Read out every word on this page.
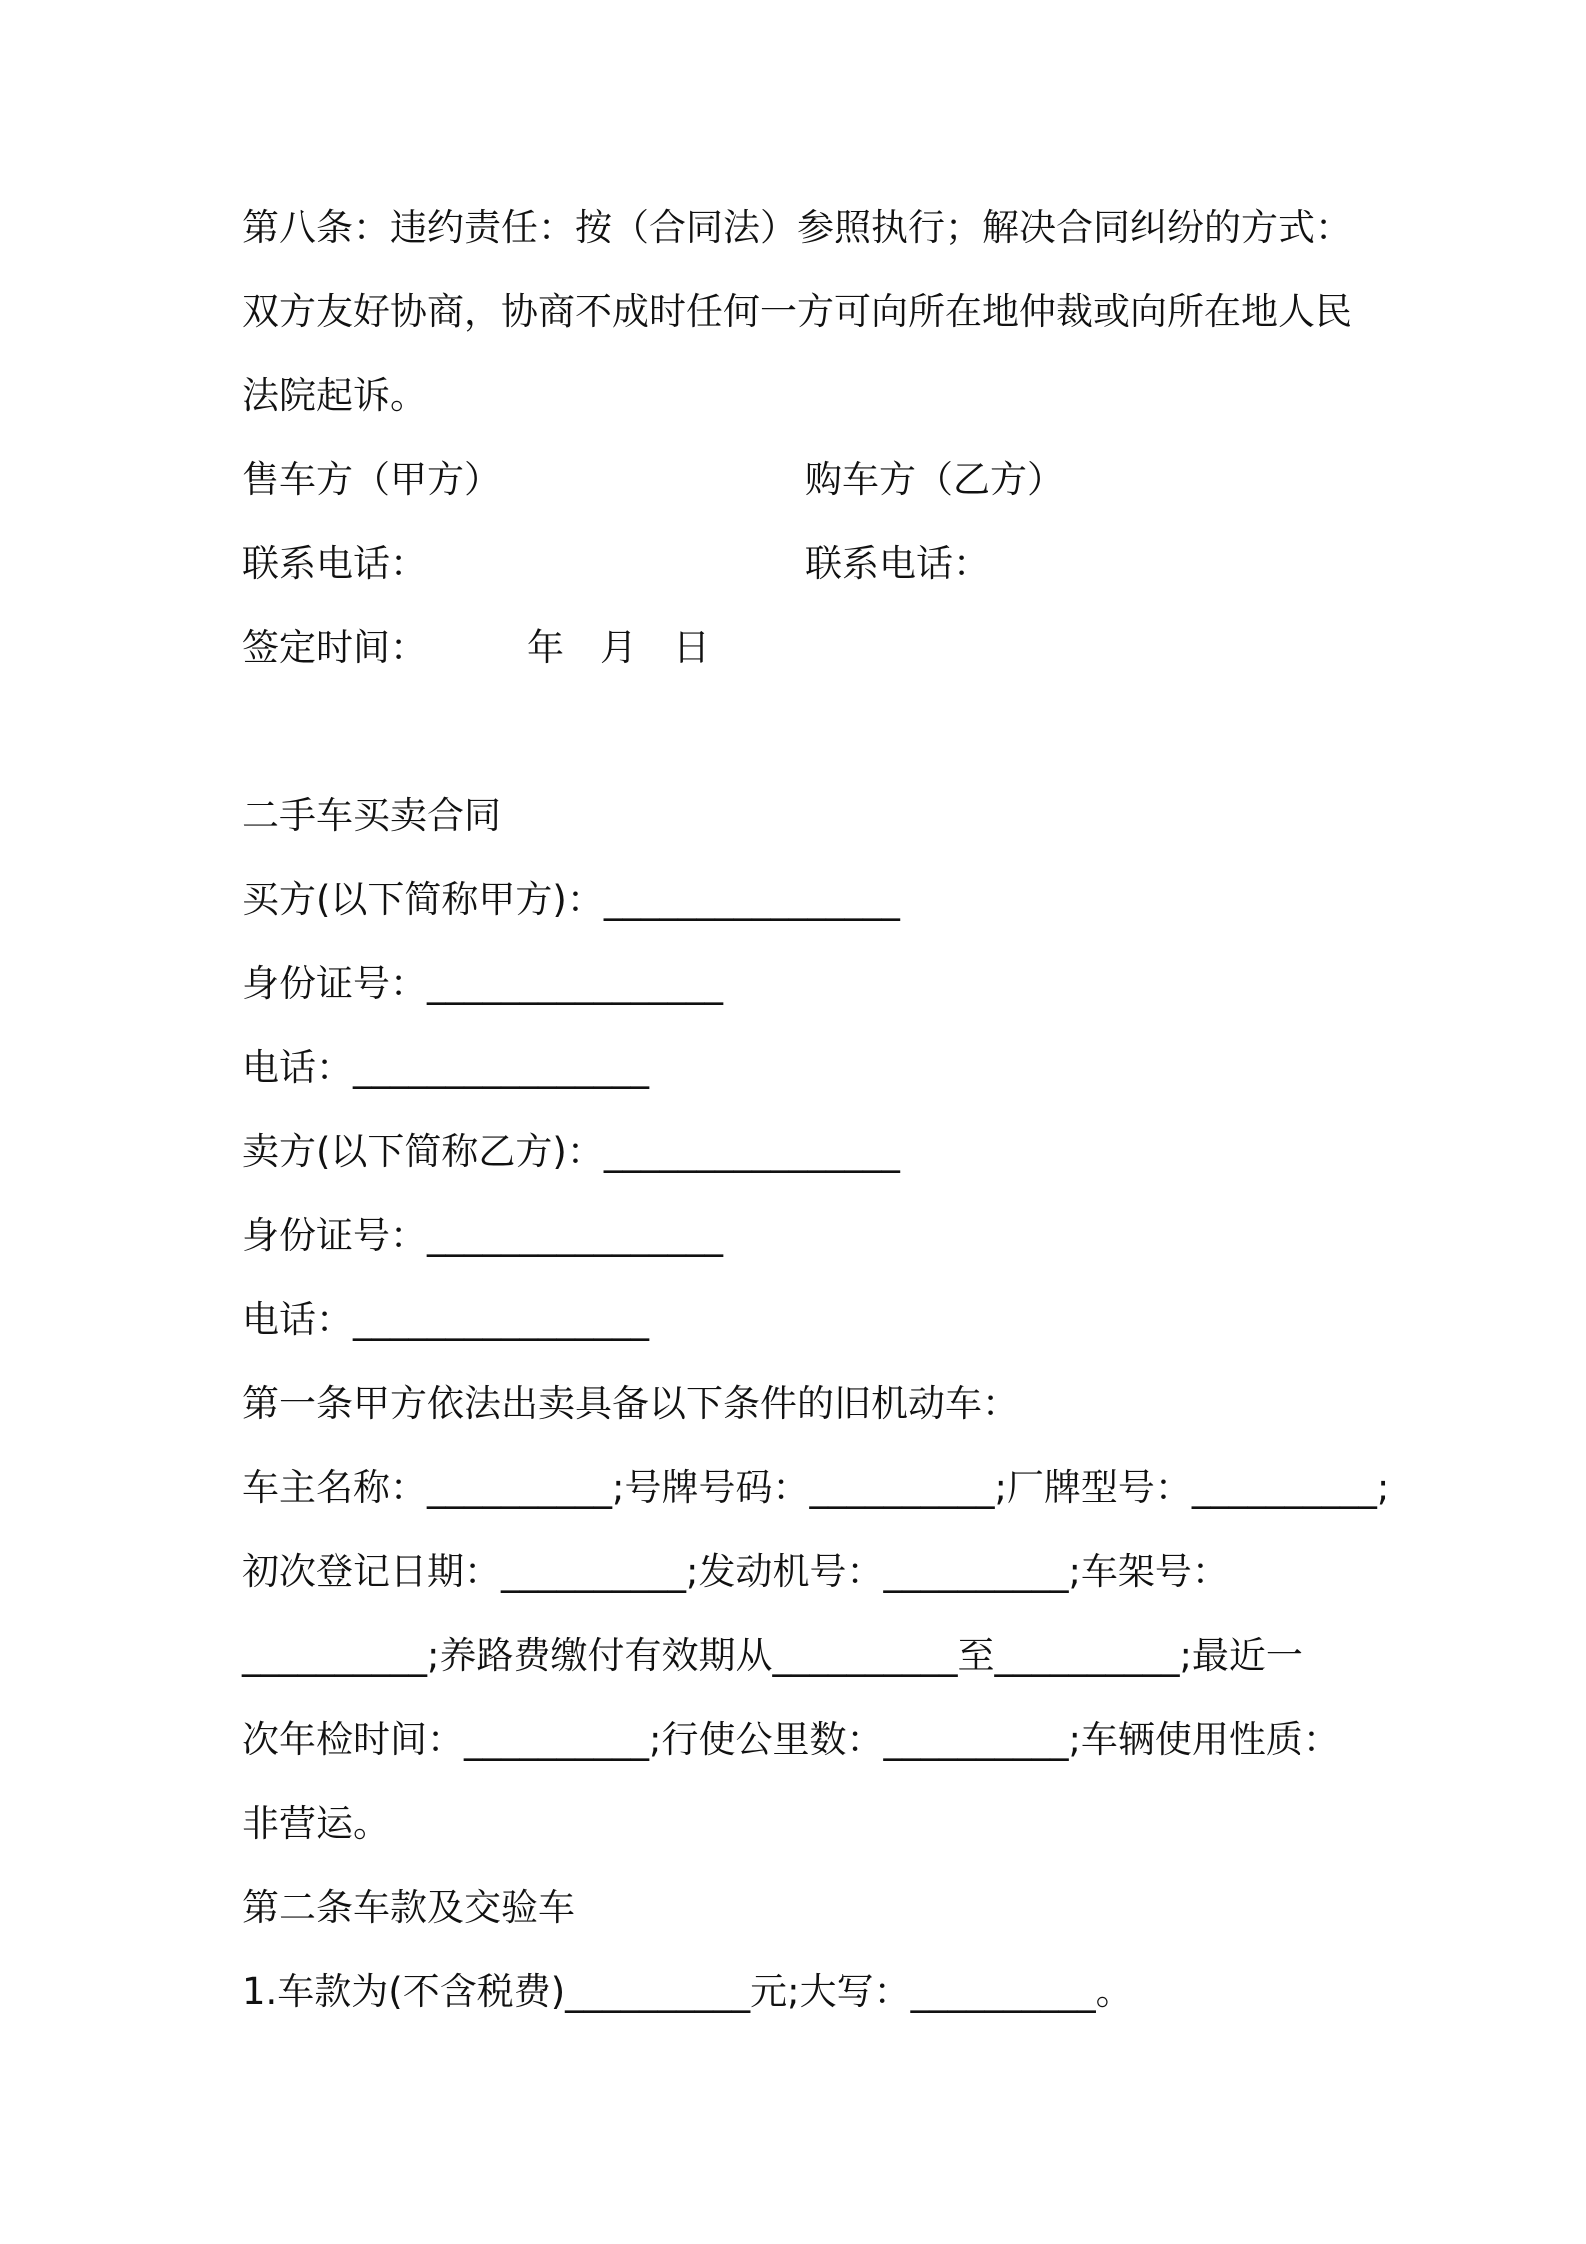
第八条：违约责任：按（合同法）参照执行；解决合同纠纷的方式：
双方友好协商，协商不成时任何一方可向所在地仲裁或向所在地人民
法院起诉。
售车方（甲方）	购车方（乙方）
联系电话：	联系电话：
签定时间：	年 月 日
二手车买卖合同
买方(以下简称甲方)：________________
身份证号：________________
电话：________________
卖方(以下简称乙方)：________________
身份证号：________________
电话：________________
第一条甲方依法出卖具备以下条件的旧机动车：
车主名称：__________;号牌号码：__________;厂牌型号：__________;
初次登记日期：__________;发动机号：__________;车架号：
__________;养路费缴付有效期从__________至__________;最近一
次年检时间：__________;行使公里数：__________;车辆使用性质：
非营运。
第二条车款及交验车
1.车款为(不含税费)__________元;大写：__________。
